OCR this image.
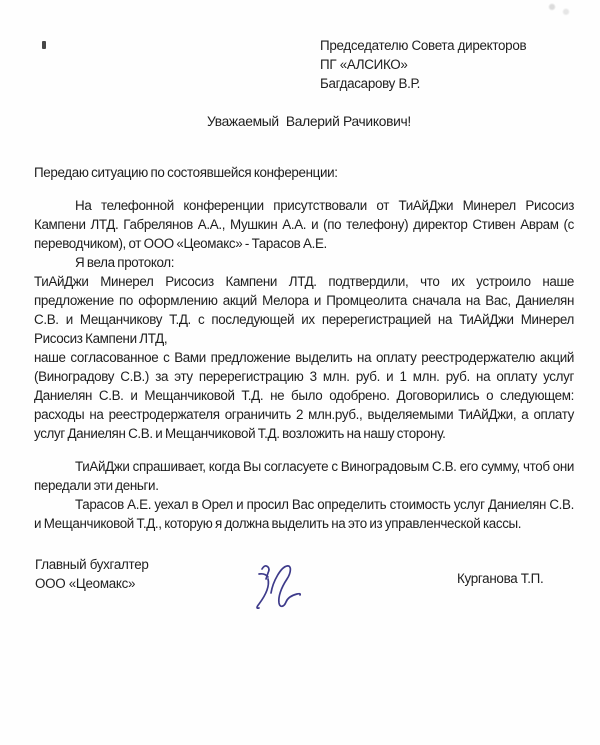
Председателю Совета директоров
ПГ «АЛСИКО»
Багдасарову В.Р.
Уважаемый  Валерий Рачикович!

Передаю ситуацию по состоявшейся конференции:

На телефонной конференции присутствовали от ТиАйДжи Минерел Рисосиз Кампени ЛТД. Габрелянов А.А., Мушкин А.А. и (по телефону) директор Стивен Аврам (с переводчиком), от ООО «Цеомакс» - Тарасов А.Е.

Я вела протокол:

ТиАйДжи Минерел Рисосиз Кампени ЛТД. подтвердили, что их устроило наше предложение по оформлению акций Мелора и Промцеолита сначала на Вас, Даниелян С.В. и Мещанчикову Т.Д. с последующей их перерегистрацией на ТиАйДжи Минерел Рисосиз Кампени ЛТД,

наше согласованное с Вами предложение выделить на оплату реестродержателю акций (Виноградову С.В.) за эту перерегистрацию 3 млн. руб. и 1 млн. руб. на оплату услуг Даниелян С.В. и Мещанчиковой Т.Д. не было одобрено. Договорились о следующем: расходы на реестродержателя ограничить 2 млн.руб., выделяемыми ТиАйДжи, а оплату услуг Даниелян С.В. и Мещанчиковой Т.Д. возложить на нашу сторону.

ТиАйДжи спрашивает, когда Вы согласуете с Виноградовым С.В. его сумму, чтоб они передали эти деньги.

Тарасов А.Е. уехал в Орел и просил Вас определить стоимость услуг Даниелян С.В. и Мещанчиковой Т.Д., которую я должна выделить на это из управленческой кассы.

Главный бухгалтер
ООО «Цеомакс»	Курганова Т.П.
